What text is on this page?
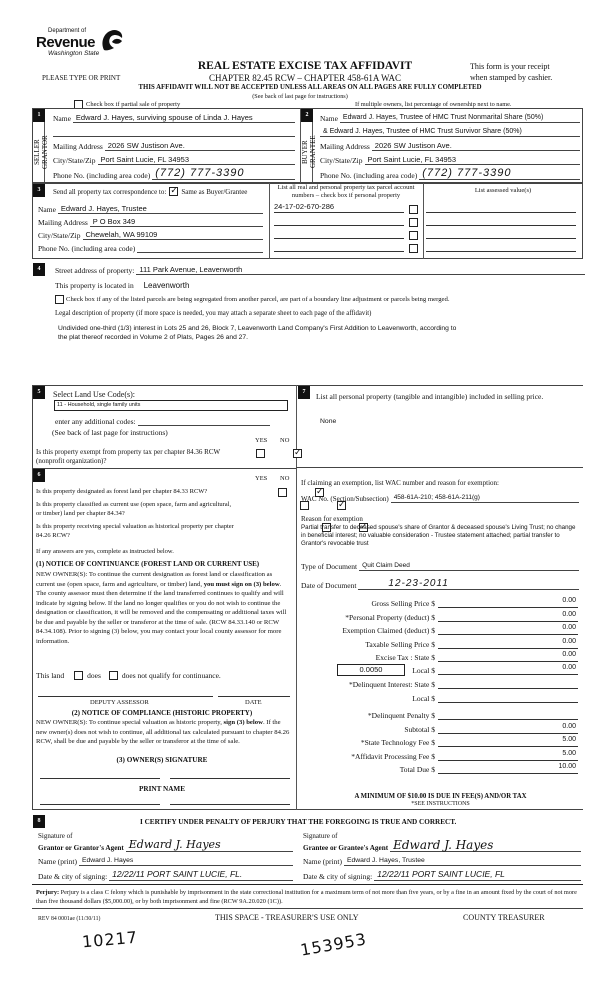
Department of
Revenue
Washington State
PLEASE TYPE OR PRINT
REAL ESTATE EXCISE TAX AFFIDAVIT
CHAPTER 82.45 RCW – CHAPTER 458-61A WAC
This form is your receipt
when stamped by cashier.
THIS AFFIDAVIT WILL NOT BE ACCEPTED UNLESS ALL AREAS ON ALL PAGES ARE FULLY COMPLETED
(See back of last page for instructions)
Check box if partial sale of property	If multiple owners, list percentage of ownership next to name.
1
SELLER
GRANTOR
Name Edward J. Hayes, surviving spouse of Linda J. Hayes
Mailing Address 2026 SW Justison Ave.
City/State/Zip Port Saint Lucie, FL 34953
Phone No. (including area code) (772) 777-3390
2
BUYER
GRANTEE
Name Edward J. Hayes, Trustee of HMC Trust Nonmarital Share (50%)
& Edward J. Hayes, Trustee of HMC Trust Survivor Share (50%)
Mailing Address 2026 SW Justison Ave.
City/State/Zip Port Saint Lucie, FL 34953
Phone No. (including area code) (772) 777-3390
3	Send all property tax correspondence to: ✓ Same as Buyer/Grantee
Name Edward J. Hayes, Trustee
Mailing Address P O Box 349
City/State/Zip Chewelah, WA 99109
Phone No. (including area code)
List all real and personal property tax parcel account numbers – check box if personal property
List assessed value(s)
24-17-02-670-286
4	Street address of property: 111 Park Avenue, Leavenworth
This property is located in Leavenworth
Check box if any of the listed parcels are being segregated from another parcel, are part of a boundary line adjustment or parcels being merged.
Legal description of property (if more space is needed, you may attach a separate sheet to each page of the affidavit)
Undivided one-third (1/3) interest in Lots 25 and 26, Block 7, Leavenworth Land Company's First Addition to Leavenworth, according to
the plat thereof recorded in Volume 2 of Plats, Pages 26 and 27.
5	Select Land Use Code(s):
11 - Household, single family units
enter any additional codes:
(See back of last page for instructions)
YES NO
Is this property exempt from property tax per chapter 84.36 RCW (nonprofit organization)?
✓
6	YES NO
Is this property designated as forest land per chapter 84.33 RCW?
✓
Is this property classified as current use (open space, farm and agricultural, or timber) land per chapter 84.34?
✓
Is this property receiving special valuation as historical property per chapter 84.26 RCW?
✓
If any answers are yes, complete as instructed below.
(1) NOTICE OF CONTINUANCE (FOREST LAND OR CURRENT USE)
NEW OWNER(S): To continue the current designation as forest land or classification as current use (open space, farm and agriculture, or timber) land, you must sign on (3) below. The county assessor must then determine if the land transferred continues to qualify and will indicate by signing below. If the land no longer qualifies or you do not wish to continue the designation or classification, it will be removed and the compensating or additional taxes will be due and payable by the seller or transferor at the time of sale. (RCW 84.33.140 or RCW 84.34.108). Prior to signing (3) below, you may contact your local county assessor for more information.
This land	does	does not qualify for continuance.
DEPUTY ASSESSOR	DATE
(2) NOTICE OF COMPLIANCE (HISTORIC PROPERTY)
NEW OWNER(S): To continue special valuation as historic property, sign (3) below. If the new owner(s) does not wish to continue, all additional tax calculated pursuant to chapter 84.26 RCW, shall be due and payable by the seller or transferor at the time of sale.
(3) OWNER(S) SIGNATURE
PRINT NAME
7	List all personal property (tangible and intangible) included in selling price.
None
If claiming an exemption, list WAC number and reason for exemption:
WAC No. (Section/Subsection) 458-61A-210; 458-61A-211(g)
Reason for exemption
Partial transfer to deceased spouse's share of Grantor & deceased spouse's Living Trust; no change in beneficial interest; no valuable consideration - Trustee statement attached; partial transfer to Grantor's revocable trust
Type of Document Quit Claim Deed
Date of Document	12-23-2011
Gross Selling Price $	0.00
*Personal Property (deduct) $	0.00
Exemption Claimed (deduct) $	0.00
Taxable Selling Price $	0.00
Excise Tax : State $	0.00
0.0050	Local $	0.00
*Delinquent Interest: State $
Local $
*Delinquent Penalty $
Subtotal $	0.00
*State Technology Fee $	5.00
*Affidavit Processing Fee $	5.00
Total Due $	10.00
A MINIMUM OF $10.00 IS DUE IN FEE(S) AND/OR TAX
*SEE INSTRUCTIONS
8	I CERTIFY UNDER PENALTY OF PERJURY THAT THE FOREGOING IS TRUE AND CORRECT.
Signature of
Grantor or Grantor's Agent Edward J. Hayes
Name (print) Edward J. Hayes
Date & city of signing: 12/22/11 PORT SAINT LUCIE, FL.
Signature of
Grantee or Grantee's Agent Edward J. Hayes
Name (print) Edward J. Hayes, Trustee
Date & city of signing: 12/22/11 PORT SAINT LUCIE, FL
Perjury: Perjury is a class C felony which is punishable by imprisonment in the state correctional institution for a maximum term of not more than five years, or by a fine in an amount fixed by the court of not more than five thousand dollars ($5,000.00), or by both imprisonment and fine (RCW 9A.20.020 (1C)).
REV 84 0001ae (11/30/11)	THIS SPACE - TREASURER'S USE ONLY	COUNTY TREASURER
10217	153953
